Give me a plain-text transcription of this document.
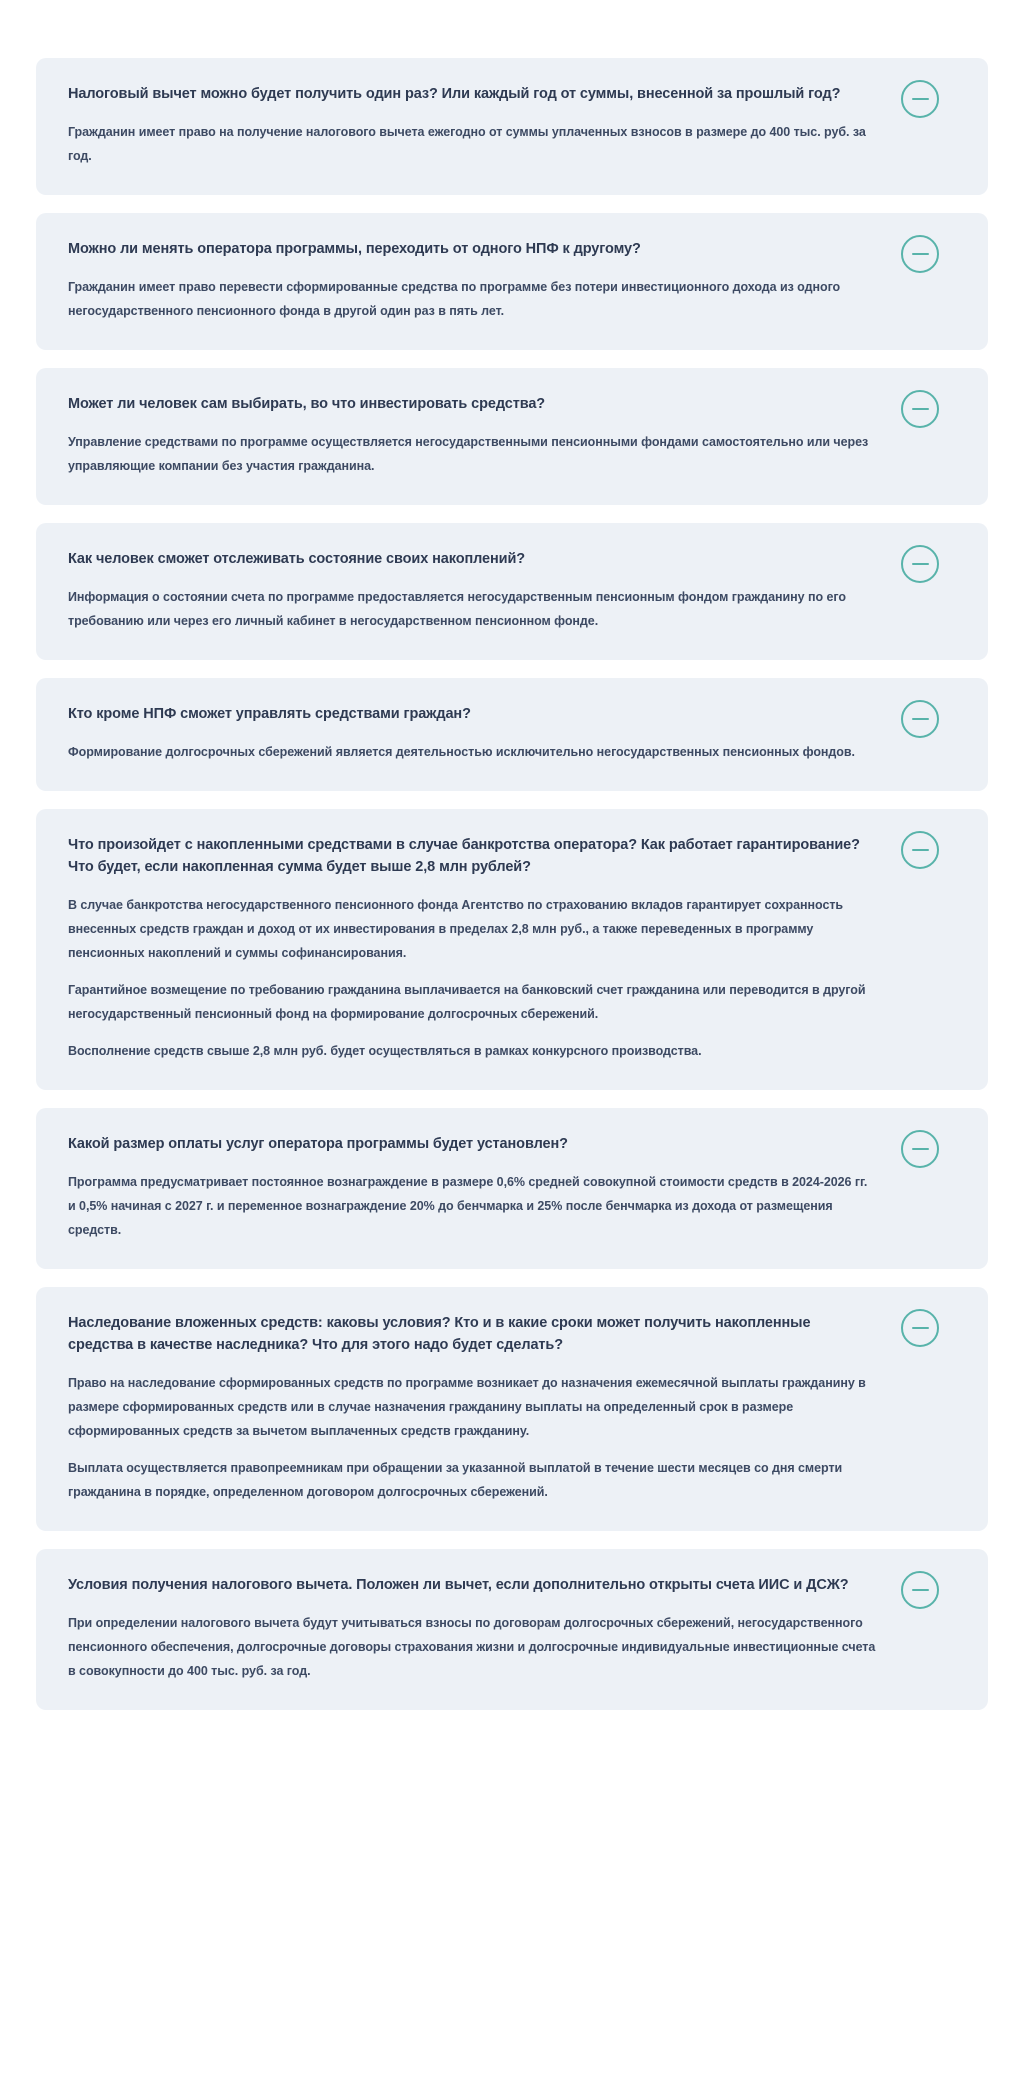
Налоговый вычет можно будет получить один раз? Или каждый год от суммы, внесенной за прошлый год?

Гражданин имеет право на получение налогового вычета ежегодно от суммы уплаченных взносов в размере до 400 тыс. руб. за год.

Можно ли менять оператора программы, переходить от одного НПФ к другому?

Гражданин имеет право перевести сформированные средства по программе без потери инвестиционного дохода из одного негосударственного пенсионного фонда в другой один раз в пять лет.

Может ли человек сам выбирать, во что инвестировать средства?

Управление средствами по программе осуществляется негосударственными пенсионными фондами самостоятельно или через управляющие компании без участия гражданина.

Как человек сможет отслеживать состояние своих накоплений?

Информация о состоянии счета по программе предоставляется негосударственным пенсионным фондом гражданину по его требованию или через его личный кабинет в негосударственном пенсионном фонде.

Кто кроме НПФ сможет управлять средствами граждан?

Формирование долгосрочных сбережений является деятельностью исключительно негосударственных пенсионных фондов.

Что произойдет с накопленными средствами в случае банкротства оператора? Как работает гарантирование? Что будет, если накопленная сумма будет выше 2,8 млн рублей?

В случае банкротства негосударственного пенсионного фонда Агентство по страхованию вкладов гарантирует сохранность внесенных средств граждан и доход от их инвестирования в пределах 2,8 млн руб., а также переведенных в программу пенсионных накоплений и суммы софинансирования.

Гарантийное возмещение по требованию гражданина выплачивается на банковский счет гражданина или переводится в другой негосударственный пенсионный фонд на формирование долгосрочных сбережений.

Восполнение средств свыше 2,8 млн руб. будет осуществляться в рамках конкурсного производства.

Какой размер оплаты услуг оператора программы будет установлен?

Программа предусматривает постоянное вознаграждение в размере 0,6% средней совокупной стоимости средств в 2024-2026 гг. и 0,5% начиная с 2027 г. и переменное вознаграждение 20% до бенчмарка и 25% после бенчмарка из дохода от размещения средств.

Наследование вложенных средств: каковы условия? Кто и в какие сроки может получить накопленные средства в качестве наследника? Что для этого надо будет сделать?

Право на наследование сформированных средств по программе возникает до назначения ежемесячной выплаты гражданину в размере сформированных средств или в случае назначения гражданину выплаты на определенный срок в размере сформированных средств за вычетом выплаченных средств гражданину.

Выплата осуществляется правопреемникам при обращении за указанной выплатой в течение шести месяцев со дня смерти гражданина в порядке, определенном договором долгосрочных сбережений.

Условия получения налогового вычета. Положен ли вычет, если дополнительно открыты счета ИИС и ДСЖ?

При определении налогового вычета будут учитываться взносы по договорам долгосрочных сбережений, негосударственного пенсионного обеспечения, долгосрочные договоры страхования жизни и долгосрочные индивидуальные инвестиционные счета в совокупности до 400 тыс. руб. за год.
